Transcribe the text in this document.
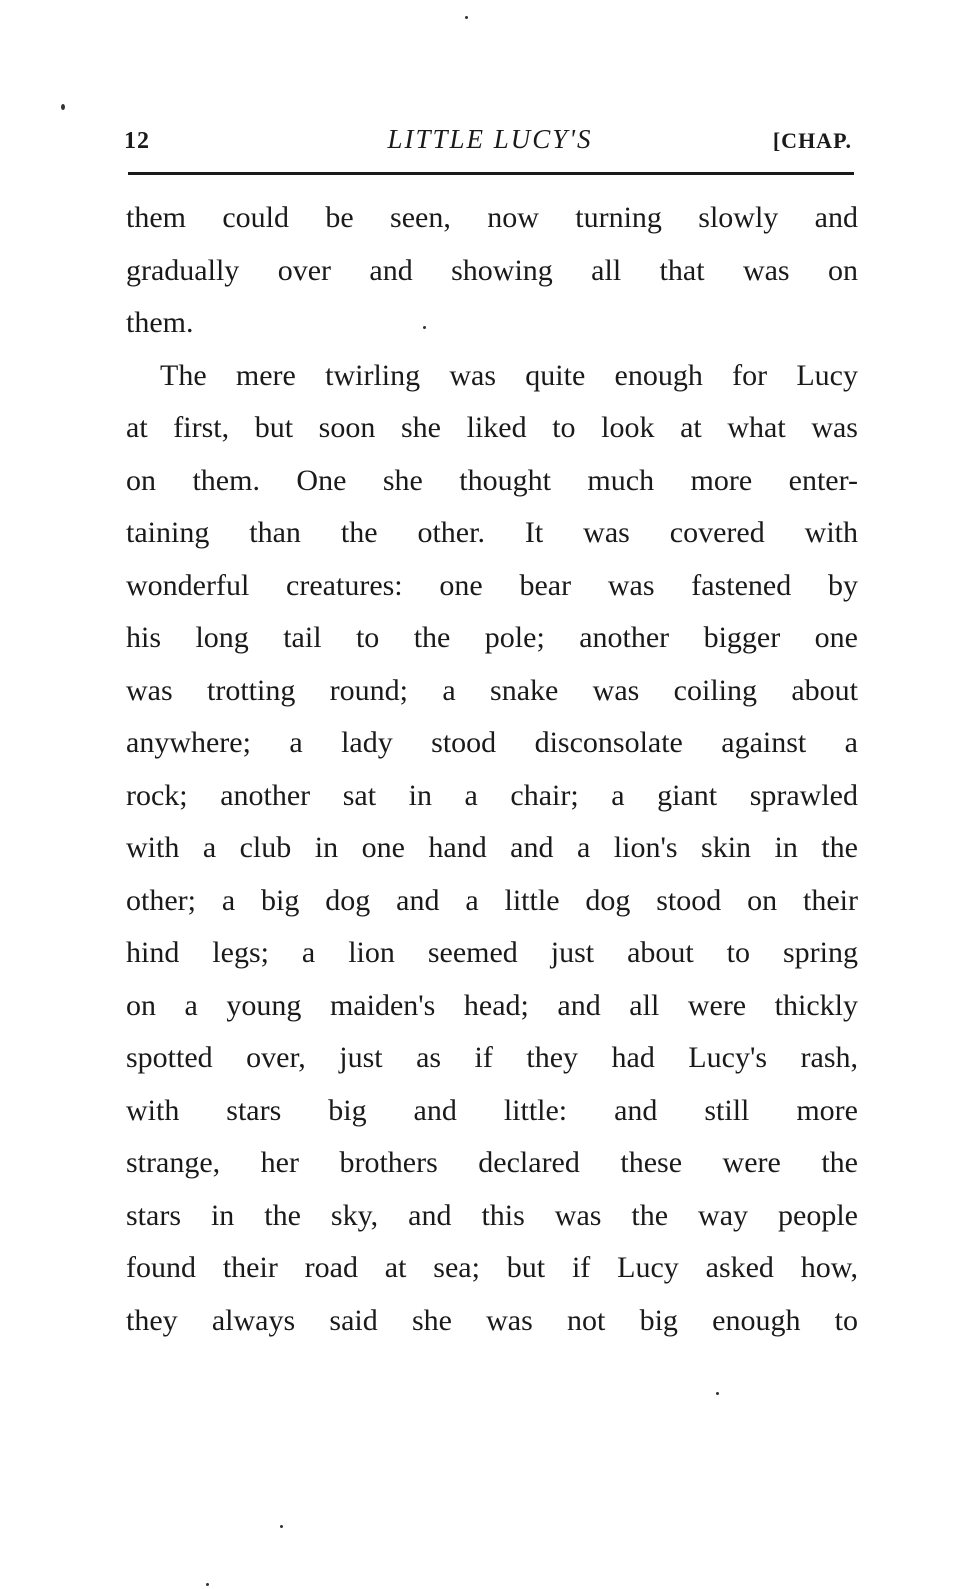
12	LITTLE LUCY'S	[CHAP.
them could be seen, now turning slowly and
gradually over and showing all that was on
them.
The mere twirling was quite enough for Lucy
at first, but soon she liked to look at what was
on them. One she thought much more enter-
taining than the other. It was covered with
wonderful creatures: one bear was fastened by
his long tail to the pole; another bigger one
was trotting round; a snake was coiling about
anywhere; a lady stood disconsolate against a
rock; another sat in a chair; a giant sprawled
with a club in one hand and a lion's skin in the
other; a big dog and a little dog stood on their
hind legs; a lion seemed just about to spring
on a young maiden's head; and all were thickly
spotted over, just as if they had Lucy's rash,
with stars big and little: and still more
strange, her brothers declared these were the
stars in the sky, and this was the way people
found their road at sea; but if Lucy asked how,
they always said she was not big enough to
